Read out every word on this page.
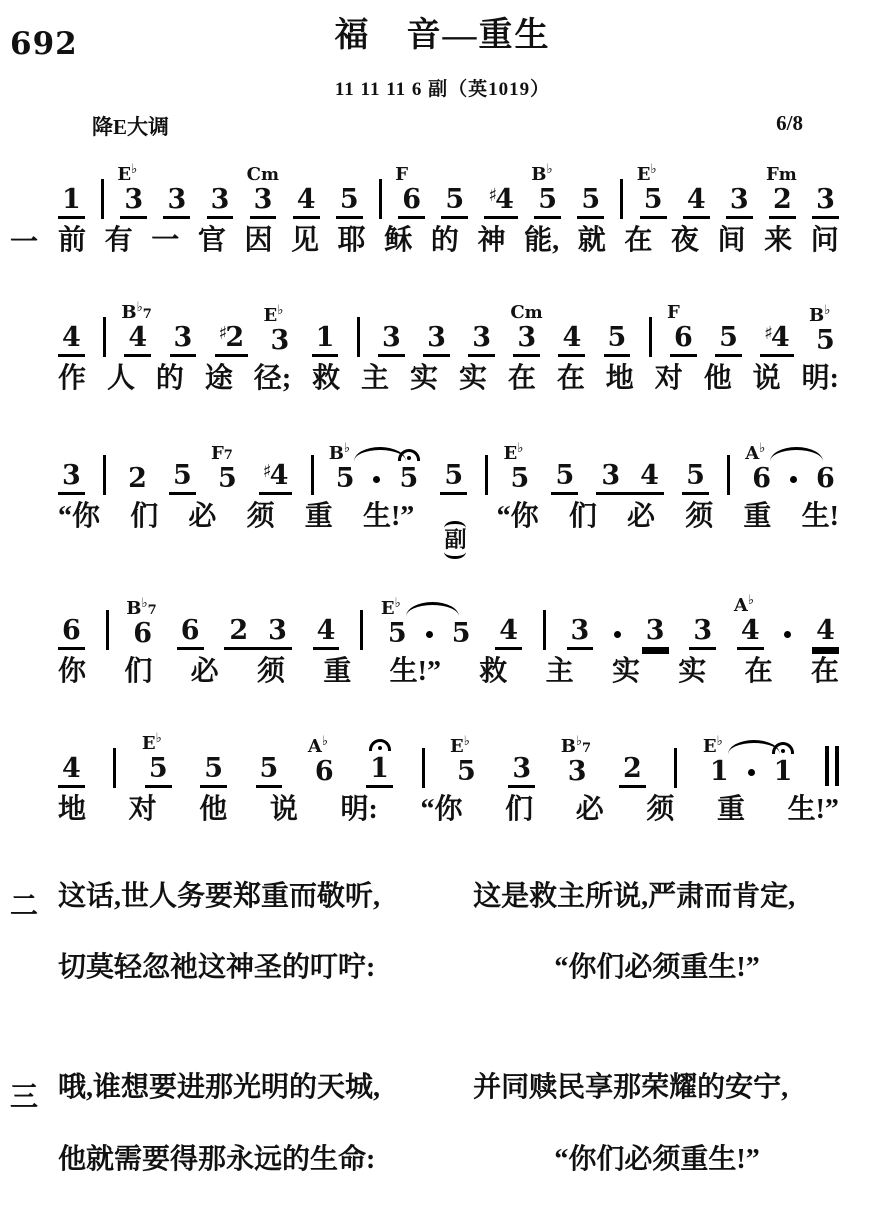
692	福　音—重生
11 11 11 6 副（英1019）
降E大调	6/8
1
E♭
3 3 3
Cm
3 4 5
F
6 5 ♯4
B♭
5 5
E♭
5 4 3
Fm
2 3
一 前 有 一 官 因 见 耶 稣 的 神 能, 就 在 夜 间 来 问
4
B♭7
4 3 ♯2
E♭
3 1 3 3 3
Cm
3 4 5
F
6 5 ♯4
B♭
5
作 人 的 途 径; 救 主 实 实 在 在 地 对 他 说 明:
3 2 5
F7
5 ♯4
B♭
5 5 5
E♭
5 5 3 4 5
A♭
6 6
“你 们 必 须 重 生!”
副
“你 们 必 须 重 生!
6
B♭7
6 6 2 3 4
E♭
5 5 4 3 3 3
A♭
4 4
你 们 必 须 重 生!” 救 主 实 实 在 在
4
E♭
5 5 5
A♭
6 1
E♭
5 3
B♭7
3 2
E♭
1 1
地 对 他 说 明: “你 们 必 须 重 生!”
二 这话,世人务要郑重而敬听,	这是救主所说,严肃而肯定,
切莫轻忽祂这神圣的叮咛:	“你们必须重生!”
三 哦,谁想要进那光明的天城,	并同赎民享那荣耀的安宁,
他就需要得那永远的生命:	“你们必须重生!”
